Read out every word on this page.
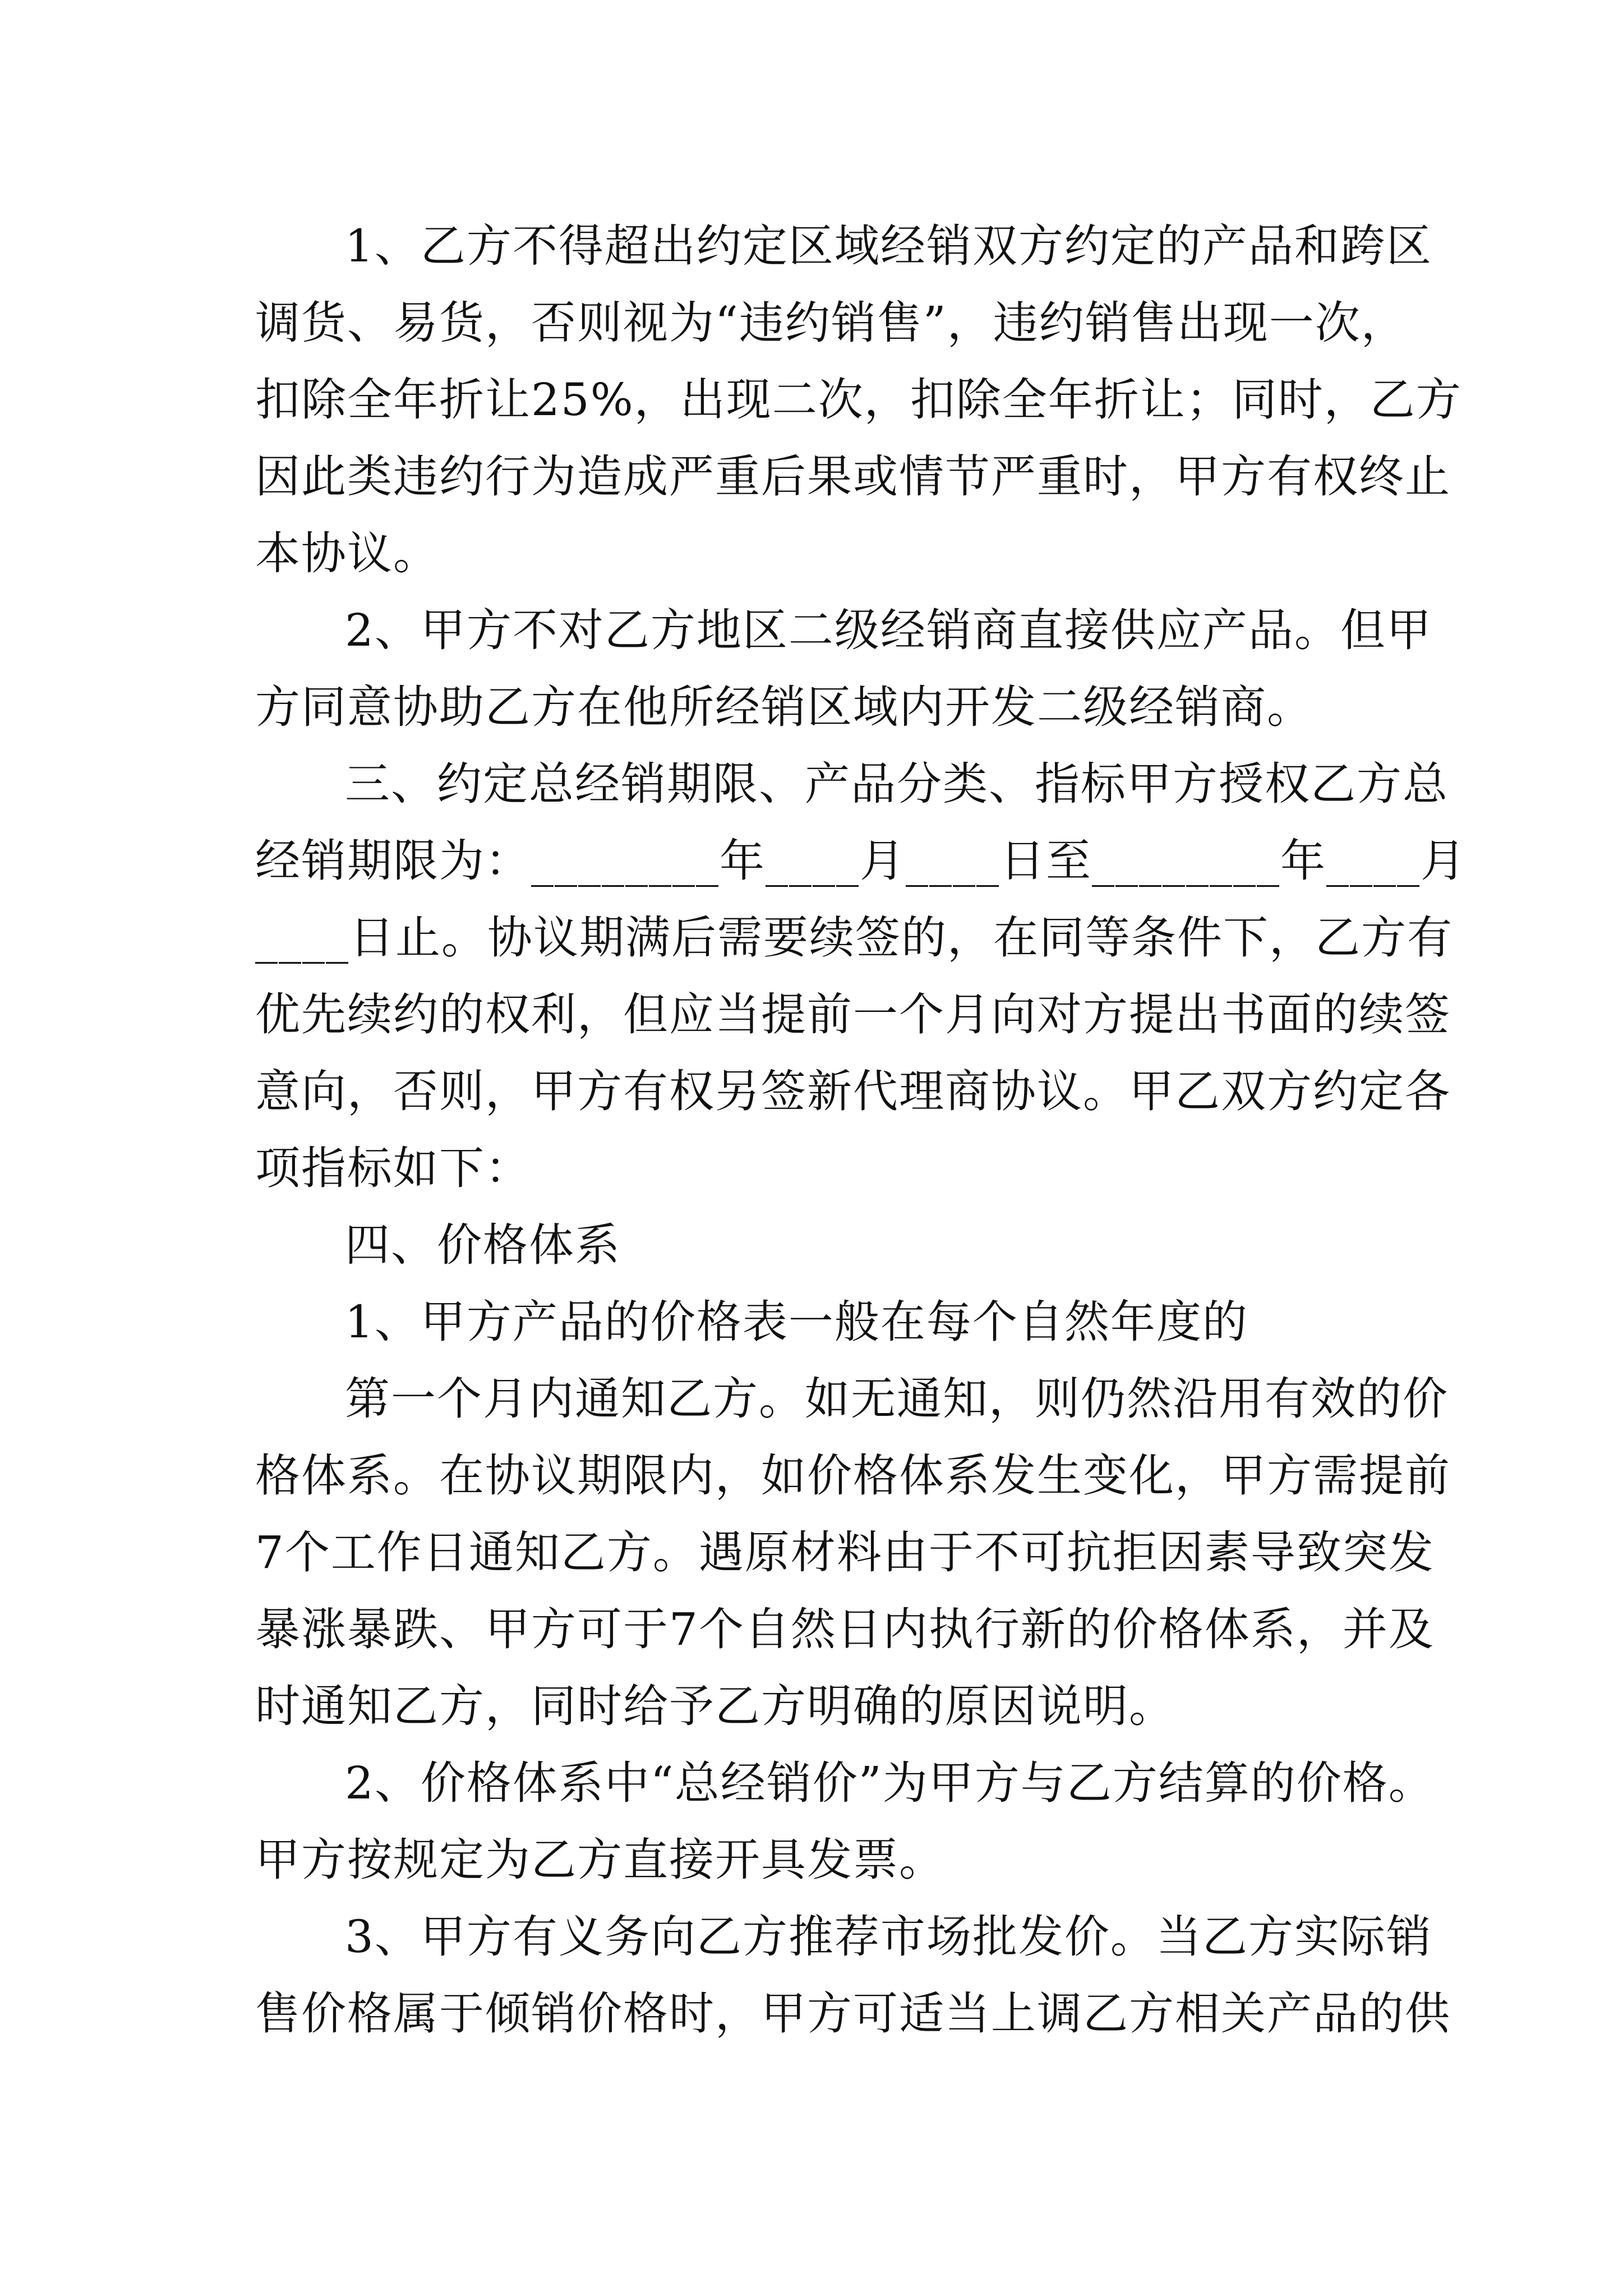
1、乙方不得超出约定区域经销双方约定的产品和跨区
调货、易货，否则视为“违约销售”，违约销售出现一次，
扣除全年折让25%，出现二次，扣除全年折让；同时，乙方
因此类违约行为造成严重后果或情节严重时，甲方有权终止
本协议。
2、甲方不对乙方地区二级经销商直接供应产品。但甲
方同意协助乙方在他所经销区域内开发二级经销商。
三、约定总经销期限、产品分类、指标甲方授权乙方总
经销期限为：________年____月____日至________年____月
____日止。协议期满后需要续签的，在同等条件下，乙方有
优先续约的权利，但应当提前一个月向对方提出书面的续签
意向，否则，甲方有权另签新代理商协议。甲乙双方约定各
项指标如下：
四、价格体系
1、甲方产品的价格表一般在每个自然年度的
第一个月内通知乙方。如无通知，则仍然沿用有效的价
格体系。在协议期限内，如价格体系发生变化，甲方需提前
7个工作日通知乙方。遇原材料由于不可抗拒因素导致突发
暴涨暴跌、甲方可于7个自然日内执行新的价格体系，并及
时通知乙方，同时给予乙方明确的原因说明。
2、价格体系中“总经销价”为甲方与乙方结算的价格。
甲方按规定为乙方直接开具发票。
3、甲方有义务向乙方推荐市场批发价。当乙方实际销
售价格属于倾销价格时，甲方可适当上调乙方相关产品的供
